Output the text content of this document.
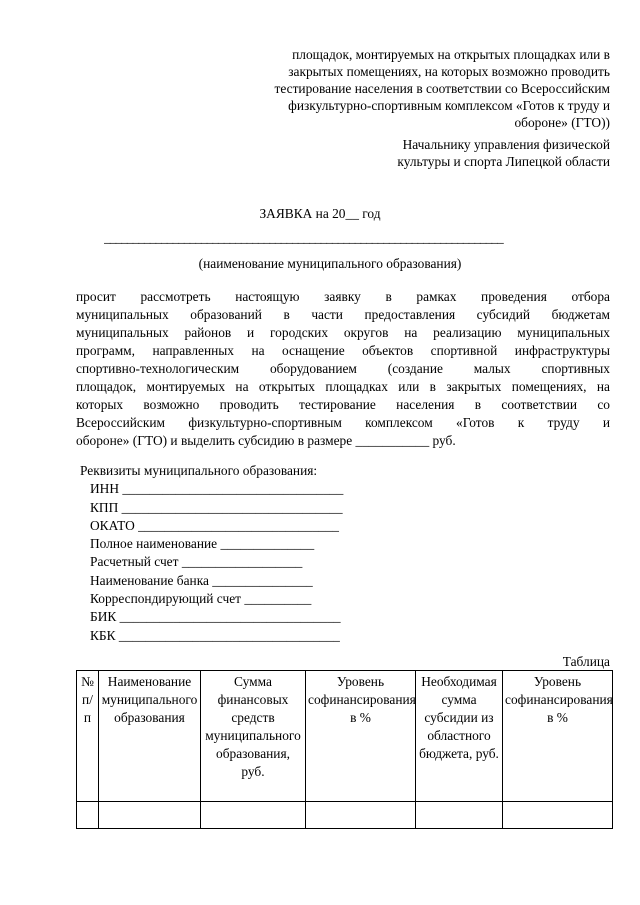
площадок, монтируемых на открытых площадках или в
закрытых помещениях, на которых возможно проводить
тестирование населения в соответствии со Всероссийским
физкультурно-спортивным комплексом «Готов к труду и
обороне» (ГТО))
Начальнику управления физической
культуры и спорта Липецкой области
ЗАЯВКА на 20__ год
______________________________________________________________________
(наименование муниципального образования)
просит рассмотреть настоящую заявку в рамках проведения отбора
муниципальных образований в части предоставления субсидий бюджетам
муниципальных районов и городских округов на реализацию муниципальных
программ, направленных на оснащение объектов спортивной инфраструктуры
спортивно-технологическим оборудованием (создание малых спортивных
площадок, монтируемых на открытых площадках или в закрытых помещениях, на
которых возможно проводить тестирование населения в соответствии со
Всероссийским физкультурно-спортивным комплексом «Готов к труду и
обороне» (ГТО) и выделить субсидию в размере ___________ руб.
Реквизиты муниципального образования:
ИНН _________________________________
КПП _________________________________
ОКАТО ______________________________
Полное наименование ______________
Расчетный счет __________________
Наименование банка _______________
Корреспондирующий счет __________
БИК _________________________________
КБК _________________________________
Таблица
№ п/п	Наименование муниципального образования	Сумма финансовых средств муниципального образования, руб.	Уровень софинансирования в %	Необходимая сумма субсидии из областного бюджета, руб.	Уровень софинансирования в %
